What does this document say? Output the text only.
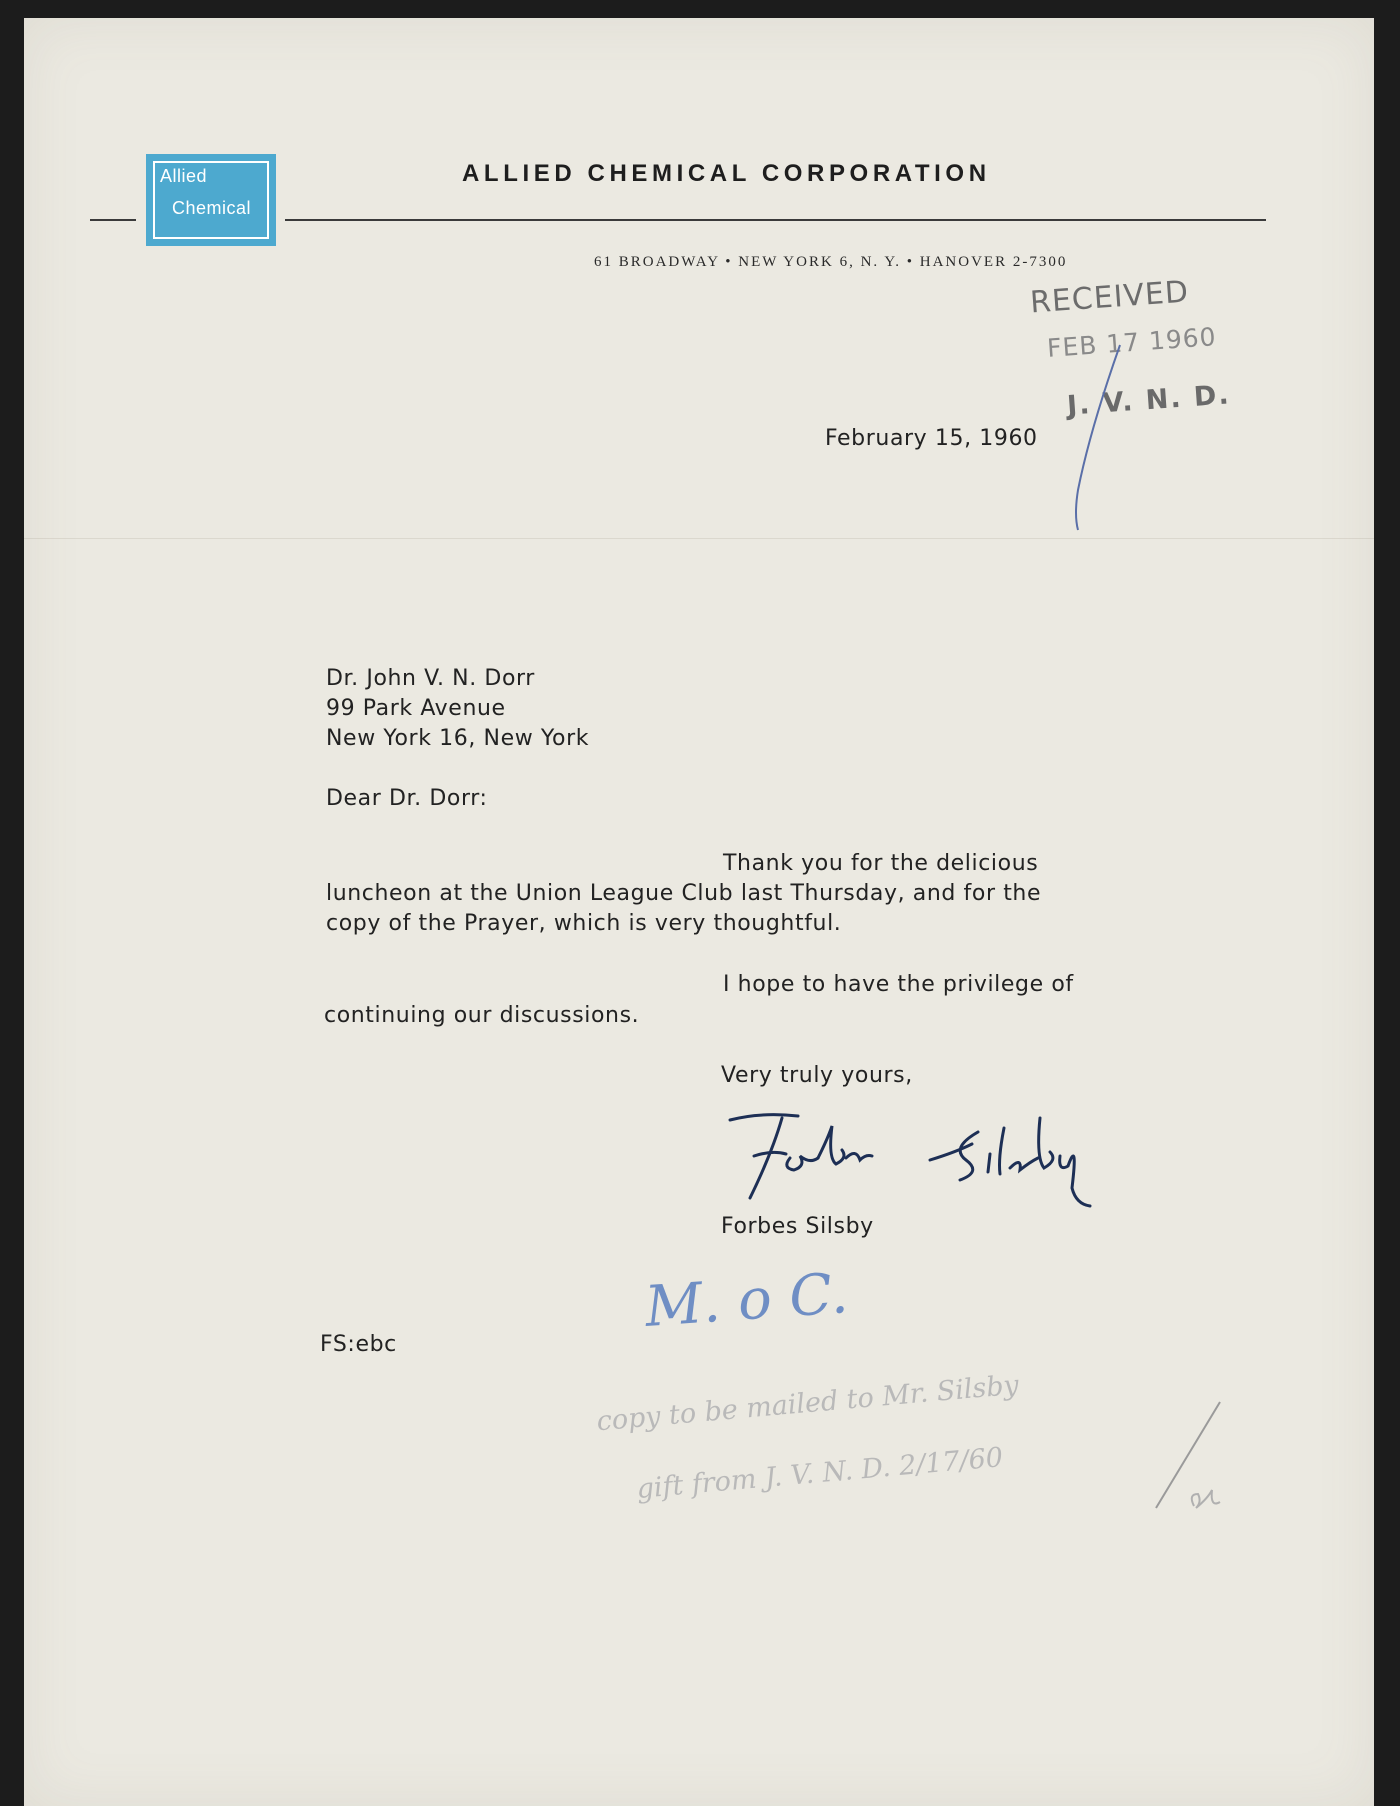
Allied
Chemical
ALLIED CHEMICAL CORPORATION
61 BROADWAY • NEW YORK 6, N. Y. • HANOVER 2-7300
RECEIVED
FEB 17 1960
J. V. N. D.
February 15, 1960
Dr. John V. N. Dorr
99 Park Avenue
New York 16, New York
Dear Dr. Dorr:
Thank you for the delicious
luncheon at the Union League Club last Thursday, and for the
copy of the Prayer, which is very thoughtful.
I hope to have the privilege of
continuing our discussions.
Very truly yours,
Forbes Silsby
FS:ebc
M. o C.
copy to be mailed to Mr. Silsby
gift from J. V. N. D. 2/17/60
